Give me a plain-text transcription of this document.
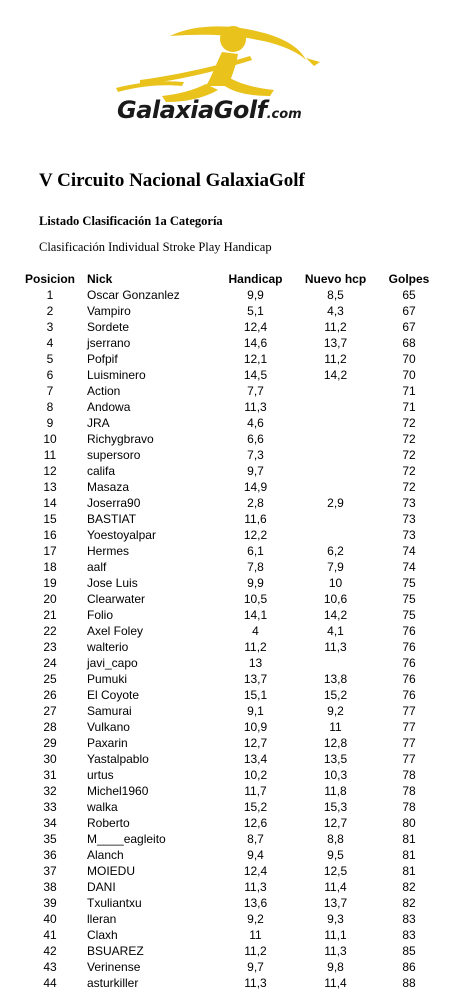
GalaxiaGolf.com
V Circuito Nacional GalaxiaGolf
Listado Clasificación 1a Categoría

Clasificación Individual Stroke Play Handicap

Posicion	Nick	Handicap	Nuevo hcp	Golpes
1	Oscar Gonzanlez	9,9	8,5	65
2	Vampiro	5,1	4,3	67
3	Sordete	12,4	11,2	67
4	jserrano	14,6	13,7	68
5	Pofpif	12,1	11,2	70
6	Luisminero	14,5	14,2	70
7	Action	7,7		71
8	Andowa	11,3		71
9	JRA	4,6		72
10	Richygbravo	6,6		72
11	supersoro	7,3		72
12	califa	9,7		72
13	Masaza	14,9		72
14	Joserra90	2,8	2,9	73
15	BASTIAT	11,6		73
16	Yoestoyalpar	12,2		73
17	Hermes	6,1	6,2	74
18	aalf	7,8	7,9	74
19	Jose Luis	9,9	10	75
20	Clearwater	10,5	10,6	75
21	Folio	14,1	14,2	75
22	Axel Foley	4	4,1	76
23	walterio	11,2	11,3	76
24	javi_capo	13		76
25	Pumuki	13,7	13,8	76
26	El Coyote	15,1	15,2	76
27	Samurai	9,1	9,2	77
28	Vulkano	10,9	11	77
29	Paxarin	12,7	12,8	77
30	Yastalpablo	13,4	13,5	77
31	urtus	10,2	10,3	78
32	Michel1960	11,7	11,8	78
33	walka	15,2	15,3	78
34	Roberto	12,6	12,7	80
35	M____eagleito	8,7	8,8	81
36	Alanch	9,4	9,5	81
37	MOIEDU	12,4	12,5	81
38	DANI	11,3	11,4	82
39	Txuliantxu	13,6	13,7	82
40	lleran	9,2	9,3	83
41	Claxh	11	11,1	83
42	BSUAREZ	11,2	11,3	85
43	Verinense	9,7	9,8	86
44	asturkiller	11,3	11,4	88
